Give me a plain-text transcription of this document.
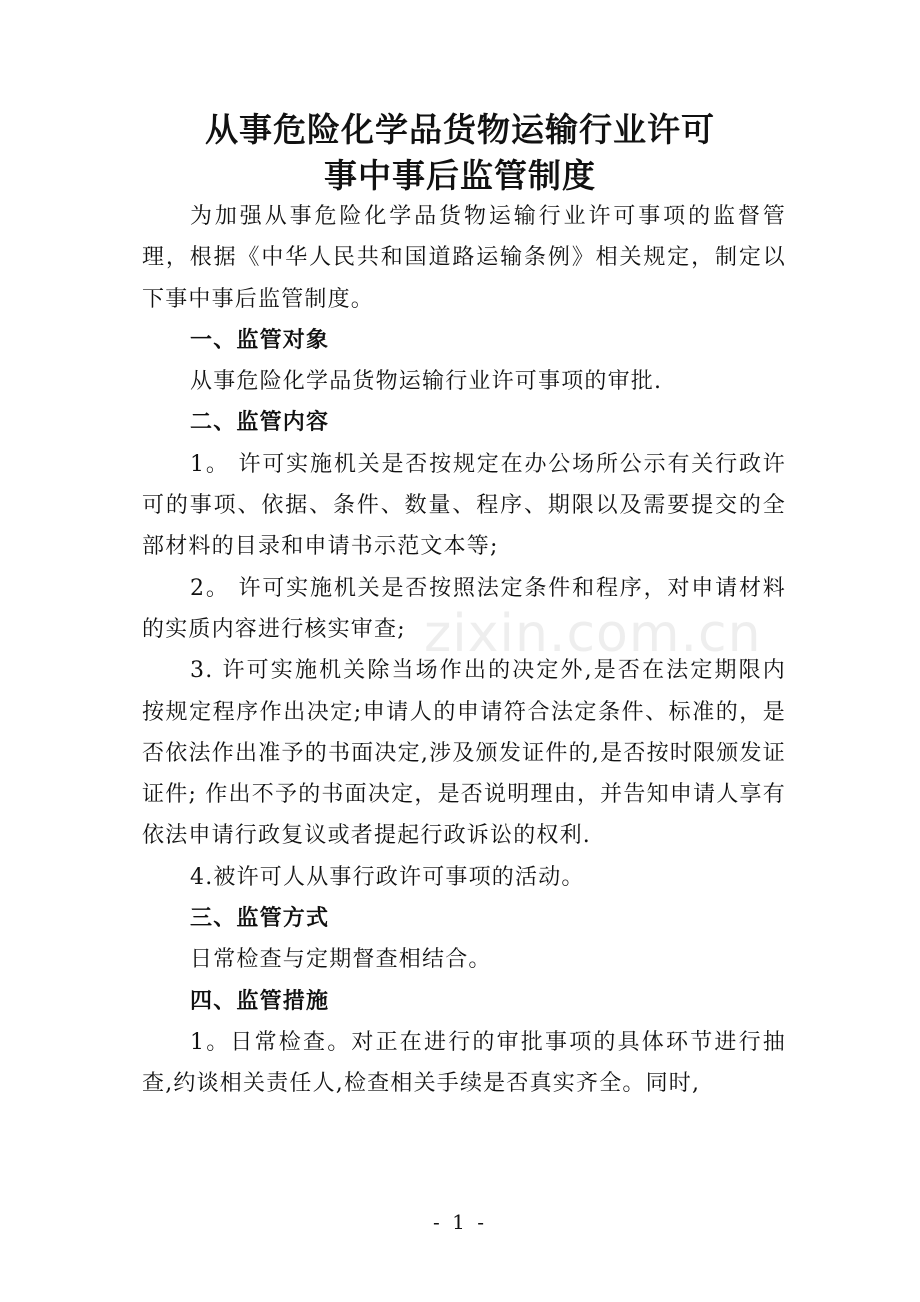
从事危险化学品货物运输行业许可
事中事后监管制度

为加强从事危险化学品货物运输行业许可事项的监督管理，根据《中华人民共和国道路运输条例》相关规定，制定以下事中事后监管制度。

一、监管对象

从事危险化学品货物运输行业许可事项的审批.

二、监管内容

1。 许可实施机关是否按规定在办公场所公示有关行政许可的事项、依据、条件、数量、程序、期限以及需要提交的全部材料的目录和申请书示范文本等;

2。 许可实施机关是否按照法定条件和程序，对申请材料的实质内容进行核实审查;

3. 许可实施机关除当场作出的决定外,是否在法定期限内按规定程序作出决定;申请人的申请符合法定条件、标准的，是否依法作出准予的书面决定,涉及颁发证件的,是否按时限颁发证证件; 作出不予的书面决定，是否说明理由，并告知申请人享有依法申请行政复议或者提起行政诉讼的权利.

4.被许可人从事行政许可事项的活动。

三、监管方式

日常检查与定期督查相结合。

四、监管措施

1。日常检查。对正在进行的审批事项的具体环节进行抽查,约谈相关责任人,检查相关手续是否真实齐全。同时,

zixin.com.cn
- 1 -
